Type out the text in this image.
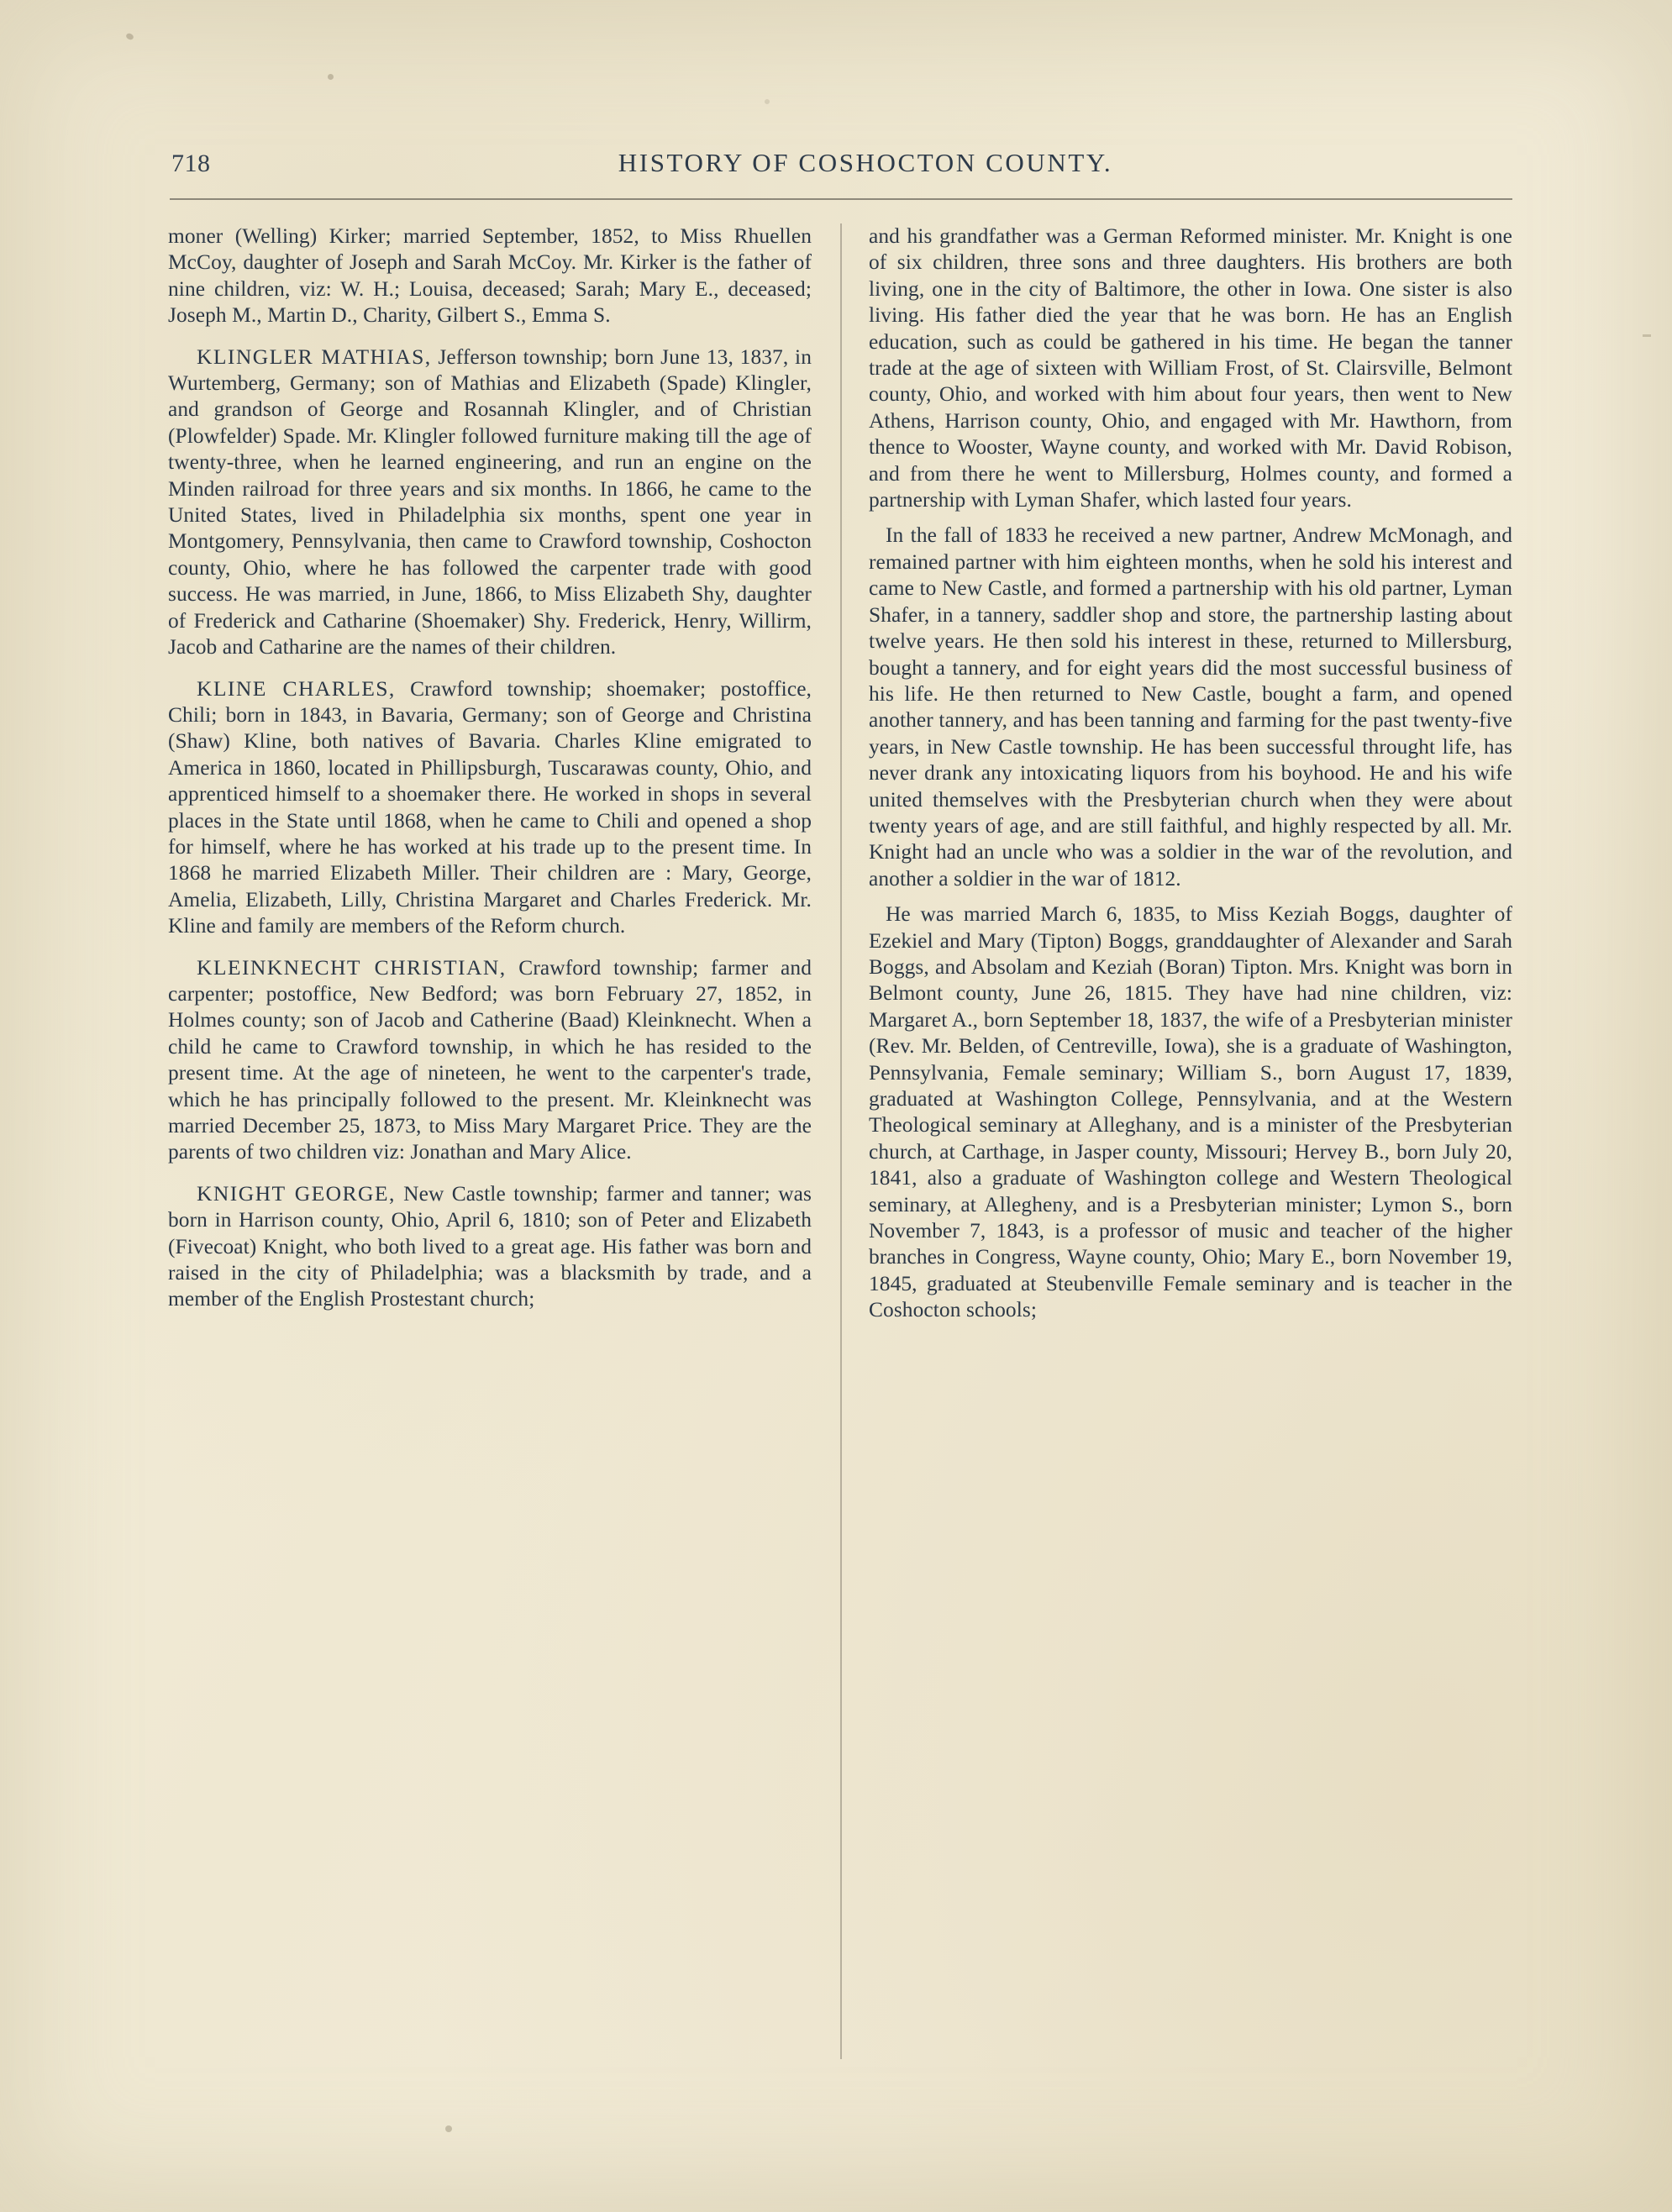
718	HISTORY OF COSHOCTON COUNTY.

moner (Welling) Kirker; married September, 1852, to Miss Rhuellen McCoy, daughter of Joseph and Sarah McCoy. Mr. Kirker is the father of nine children, viz: W. H.; Louisa, deceased; Sarah; Mary E., deceased; Joseph M., Martin D., Charity, Gilbert S., Emma S.

KLINGLER MATHIAS, Jefferson township; born June 13, 1837, in Wurtemberg, Germany; son of Mathias and Elizabeth (Spade) Klingler, and grandson of George and Rosannah Klingler, and of Christian (Plowfelder) Spade. Mr. Klingler followed furniture making till the age of twenty-three, when he learned engineering, and run an engine on the Minden railroad for three years and six months. In 1866, he came to the United States, lived in Philadelphia six months, spent one year in Montgomery, Pennsylvania, then came to Crawford township, Coshocton county, Ohio, where he has followed the carpenter trade with good success. He was married, in June, 1866, to Miss Elizabeth Shy, daughter of Frederick and Catharine (Shoemaker) Shy. Frederick, Henry, Willirm, Jacob and Catharine are the names of their children.

KLINE CHARLES, Crawford township; shoemaker; postoffice, Chili; born in 1843, in Bavaria, Germany; son of George and Christina (Shaw) Kline, both natives of Bavaria. Charles Kline emigrated to America in 1860, located in Phillipsburgh, Tuscarawas county, Ohio, and apprenticed himself to a shoemaker there. He worked in shops in several places in the State until 1868, when he came to Chili and opened a shop for himself, where he has worked at his trade up to the present time. In 1868 he married Elizabeth Miller. Their children are : Mary, George, Amelia, Elizabeth, Lilly, Christina Margaret and Charles Frederick. Mr. Kline and family are members of the Reform church.

KLEINKNECHT CHRISTIAN, Crawford township; farmer and carpenter; postoffice, New Bedford; was born February 27, 1852, in Holmes county; son of Jacob and Catherine (Baad) Kleinknecht. When a child he came to Crawford township, in which he has resided to the present time. At the age of nineteen, he went to the carpenter's trade, which he has principally followed to the present. Mr. Kleinknecht was married December 25, 1873, to Miss Mary Margaret Price. They are the parents of two children viz: Jonathan and Mary Alice.

KNIGHT GEORGE, New Castle township; farmer and tanner; was born in Harrison county, Ohio, April 6, 1810; son of Peter and Elizabeth (Fivecoat) Knight, who both lived to a great age. His father was born and raised in the city of Philadelphia; was a blacksmith by trade, and a member of the English Prostestant church;

and his grandfather was a German Reformed minister. Mr. Knight is one of six children, three sons and three daughters. His brothers are both living, one in the city of Baltimore, the other in Iowa. One sister is also living. His father died the year that he was born. He has an English education, such as could be gathered in his time. He began the tanner trade at the age of sixteen with William Frost, of St. Clairsville, Belmont county, Ohio, and worked with him about four years, then went to New Athens, Harrison county, Ohio, and engaged with Mr. Hawthorn, from thence to Wooster, Wayne county, and worked with Mr. David Robison, and from there he went to Millersburg, Holmes county, and formed a partnership with Lyman Shafer, which lasted four years.

In the fall of 1833 he received a new partner, Andrew McMonagh, and remained partner with him eighteen months, when he sold his interest and came to New Castle, and formed a partnership with his old partner, Lyman Shafer, in a tannery, saddler shop and store, the partnership lasting about twelve years. He then sold his interest in these, returned to Millersburg, bought a tannery, and for eight years did the most successful business of his life. He then returned to New Castle, bought a farm, and opened another tannery, and has been tanning and farming for the past twenty-five years, in New Castle township. He has been successful throught life, has never drank any intoxicating liquors from his boyhood. He and his wife united themselves with the Presbyterian church when they were about twenty years of age, and are still faithful, and highly respected by all. Mr. Knight had an uncle who was a soldier in the war of the revolution, and another a soldier in the war of 1812.

He was married March 6, 1835, to Miss Keziah Boggs, daughter of Ezekiel and Mary (Tipton) Boggs, granddaughter of Alexander and Sarah Boggs, and Absolam and Keziah (Boran) Tipton. Mrs. Knight was born in Belmont county, June 26, 1815. They have had nine children, viz: Margaret A., born September 18, 1837, the wife of a Presbyterian minister (Rev. Mr. Belden, of Centreville, Iowa), she is a graduate of Washington, Pennsylvania, Female seminary; William S., born August 17, 1839, graduated at Washington College, Pennsylvania, and at the Western Theological seminary at Alleghany, and is a minister of the Presbyterian church, at Carthage, in Jasper county, Missouri; Hervey B., born July 20, 1841, also a graduate of Washington college and Western Theological seminary, at Allegheny, and is a Presbyterian minister; Lymon S., born November 7, 1843, is a professor of music and teacher of the higher branches in Congress, Wayne county, Ohio; Mary E., born November 19, 1845, graduated at Steubenville Female seminary and is teacher in the Coshocton schools;
